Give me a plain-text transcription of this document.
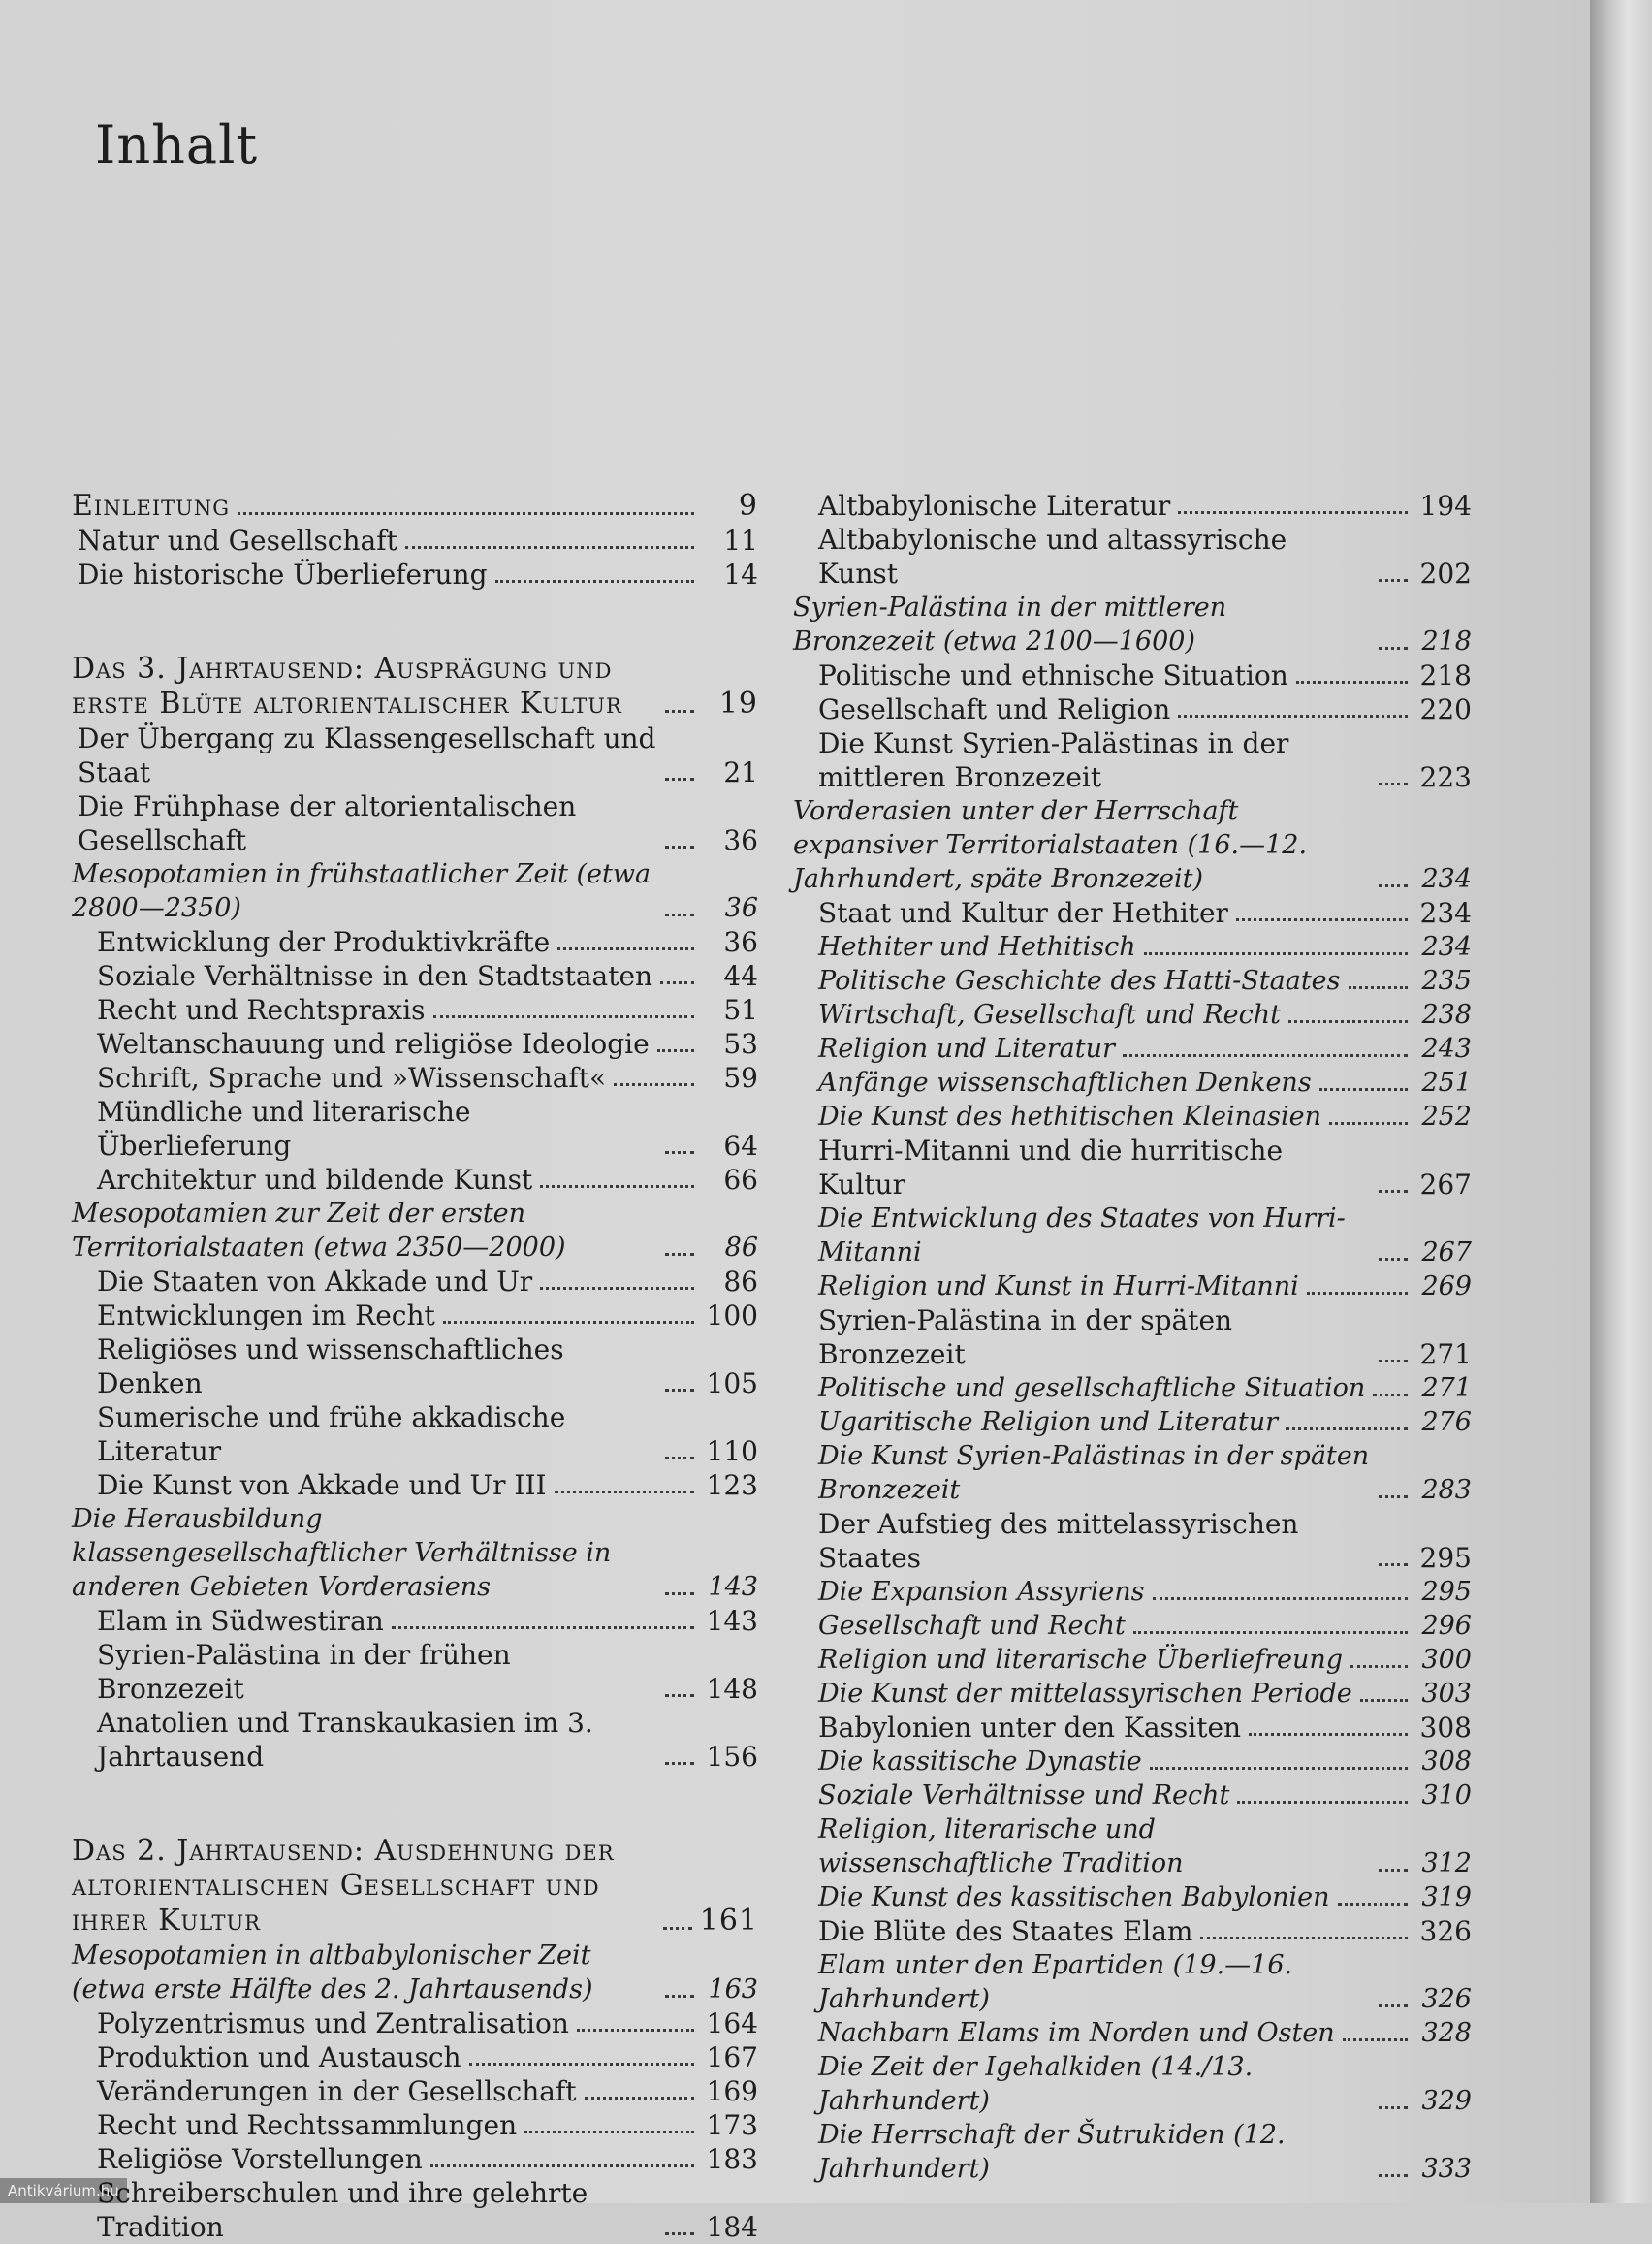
Inhalt
Einleitung	9
Natur und Gesellschaft	11
Die historische Überlieferung	14
Das 3. Jahrtausend: Ausprägung und erste Blüte altorientalischer Kultur	19
Der Übergang zu Klassengesellschaft und Staat	21
Die Frühphase der altorientalischen Gesellschaft	36
Mesopotamien in frühstaatlicher Zeit (etwa 2800—2350)	36
Entwicklung der Produktivkräfte	36
Soziale Verhältnisse in den Stadtstaaten	44
Recht und Rechtspraxis	51
Weltanschauung und religiöse Ideologie	53
Schrift, Sprache und »Wissenschaft«	59
Mündliche und literarische Überlieferung	64
Architektur und bildende Kunst	66
Mesopotamien zur Zeit der ersten Territorialstaaten (etwa 2350—2000)	86
Die Staaten von Akkade und Ur	86
Entwicklungen im Recht	100
Religiöses und wissenschaftliches Denken	105
Sumerische und frühe akkadische Literatur	110
Die Kunst von Akkade und Ur III	123
Die Herausbildung klassengesellschaftlicher Verhältnisse in anderen Gebieten Vorderasiens	143
Elam in Südwestiran	143
Syrien-Palästina in der frühen Bronzezeit	148
Anatolien und Transkaukasien im 3. Jahrtausend	156
Das 2. Jahrtausend: Ausdehnung der altorientalischen Gesellschaft und ihrer Kultur	161
Mesopotamien in altbabylonischer Zeit (etwa erste Hälfte des 2. Jahrtausends)	163
Polyzentrismus und Zentralisation	164
Produktion und Austausch	167
Veränderungen in der Gesellschaft	169
Recht und Rechtssammlungen	173
Religiöse Vorstellungen	183
Schreiberschulen und ihre gelehrte Tradition	184
Altbabylonische Literatur	194
Altbabylonische und altassyrische Kunst	202
Syrien-Palästina in der mittleren Bronzezeit (etwa 2100—1600)	218
Politische und ethnische Situation	218
Gesellschaft und Religion	220
Die Kunst Syrien-Palästinas in der mittleren Bronzezeit	223
Vorderasien unter der Herrschaft expansiver Territorialstaaten (16.—12. Jahrhundert, späte Bronzezeit)	234
Staat und Kultur der Hethiter	234
Hethiter und Hethitisch	234
Politische Geschichte des Hatti-Staates	235
Wirtschaft, Gesellschaft und Recht	238
Religion und Literatur	243
Anfänge wissenschaftlichen Denkens	251
Die Kunst des hethitischen Kleinasien	252
Hurri-Mitanni und die hurritische Kultur	267
Die Entwicklung des Staates von Hurri-Mitanni	267
Religion und Kunst in Hurri-Mitanni	269
Syrien-Palästina in der späten Bronzezeit	271
Politische und gesellschaftliche Situation 271
Ugaritische Religion und Literatur	276
Die Kunst Syrien-Palästinas in der späten Bronzezeit	283
Der Aufstieg des mittelassyrischen Staates	295
Die Expansion Assyriens	295
Gesellschaft und Recht	296
Religion und literarische Überliefreung	300
Die Kunst der mittelassyrischen Periode	303
Babylonien unter den Kassiten	308
Die kassitische Dynastie	308
Soziale Verhältnisse und Recht	310
Religion, literarische und wissenschaftliche Tradition	312
Die Kunst des kassitischen Babylonien	319
Die Blüte des Staates Elam	326
Elam unter den Epartiden (19.—16. Jahrhundert)	326
Nachbarn Elams im Norden und Osten	328
Die Zeit der Igehalkiden (14./13. Jahrhundert)	329
Die Herrschaft der Šutrukiden (12. Jahrhundert)	333
Antikvárium.hu
